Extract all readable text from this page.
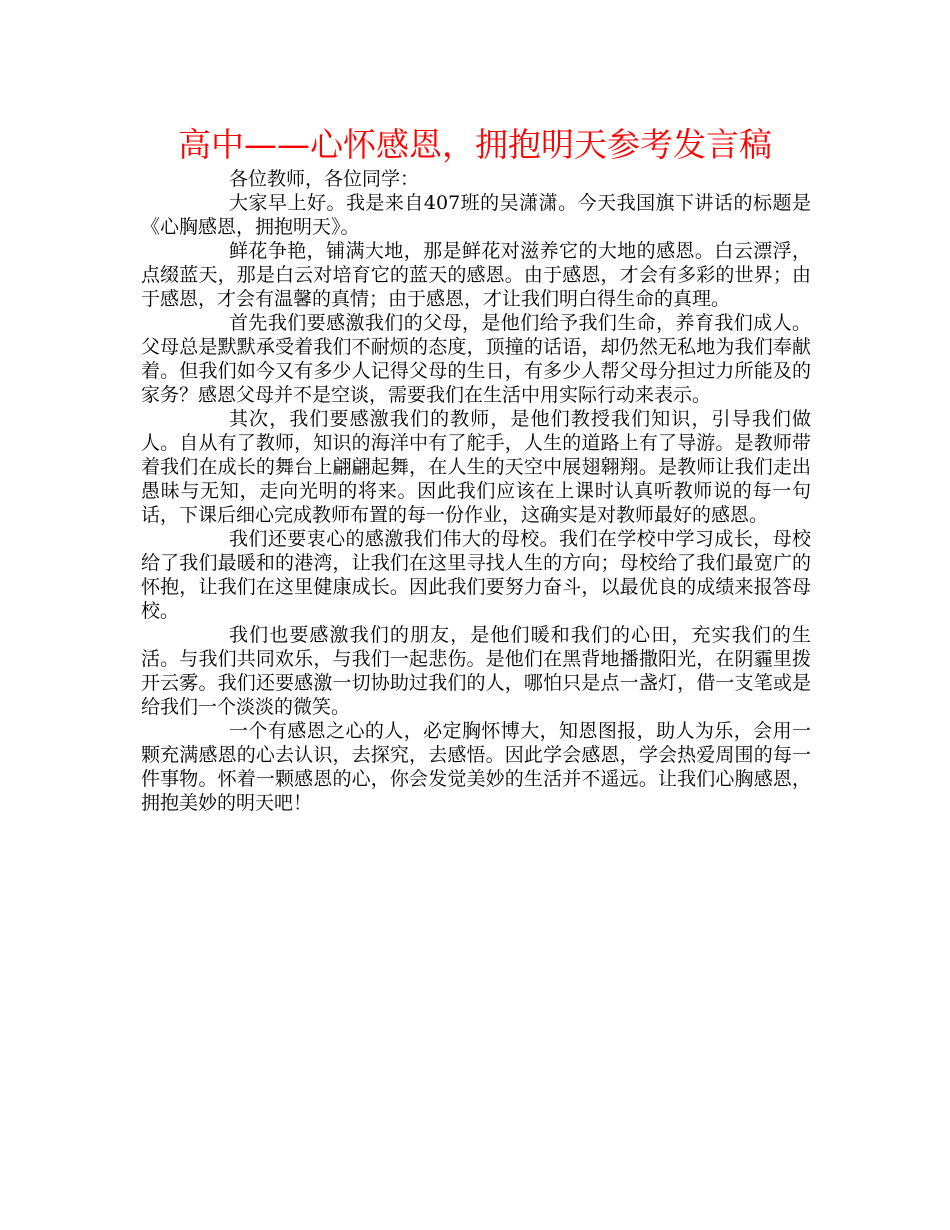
高中——心怀感恩，拥抱明天参考发言稿

各位教师，各位同学：

大家早上好。我是来自407班的吴潇潇。今天我国旗下讲话的标题是《心胸感恩，拥抱明天》。

鲜花争艳，铺满大地，那是鲜花对滋养它的大地的感恩。白云漂浮，点缀蓝天，那是白云对培育它的蓝天的感恩。由于感恩，才会有多彩的世界；由于感恩，才会有温馨的真情；由于感恩，才让我们明白得生命的真理。

首先我们要感激我们的父母，是他们给予我们生命，养育我们成人。父母总是默默承受着我们不耐烦的态度，顶撞的话语，却仍然无私地为我们奉献着。但我们如今又有多少人记得父母的生日，有多少人帮父母分担过力所能及的家务？感恩父母并不是空谈，需要我们在生活中用实际行动来表示。

其次，我们要感激我们的教师，是他们教授我们知识，引导我们做人。自从有了教师，知识的海洋中有了舵手，人生的道路上有了导游。是教师带着我们在成长的舞台上翩翩起舞，在人生的天空中展翅翱翔。是教师让我们走出愚昧与无知，走向光明的将来。因此我们应该在上课时认真听教师说的每一句话，下课后细心完成教师布置的每一份作业，这确实是对教师最好的感恩。

我们还要衷心的感激我们伟大的母校。我们在学校中学习成长，母校给了我们最暖和的港湾，让我们在这里寻找人生的方向；母校给了我们最宽广的怀抱，让我们在这里健康成长。因此我们要努力奋斗，以最优良的成绩来报答母校。

我们也要感激我们的朋友，是他们暖和我们的心田，充实我们的生活。与我们共同欢乐，与我们一起悲伤。是他们在黑背地播撒阳光，在阴霾里拨开云雾。我们还要感激一切协助过我们的人，哪怕只是点一盏灯，借一支笔或是给我们一个淡淡的微笑。

一个有感恩之心的人，必定胸怀博大，知恩图报，助人为乐，会用一颗充满感恩的心去认识，去探究，去感悟。因此学会感恩，学会热爱周围的每一件事物。怀着一颗感恩的心，你会发觉美妙的生活并不遥远。让我们心胸感恩，拥抱美妙的明天吧！
